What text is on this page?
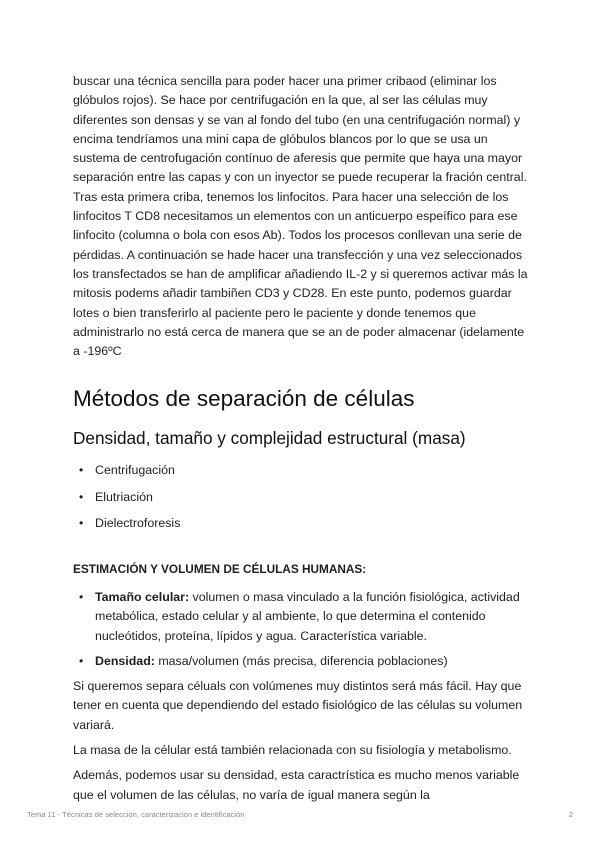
buscar una técnica sencilla para poder hacer una primer cribaod (eliminar los glóbulos rojos). Se hace por centrifugación en la que, al ser las células muy diferentes son densas y se van al fondo del tubo (en una centrifugación normal) y encima tendríamos una mini capa de glóbulos blancos por lo que se usa un sustema de centrofugación contínuo de aferesis que permite que haya una mayor separación entre las capas y con un inyector se puede recuperar la fración central. Tras esta primera criba, tenemos los linfocitos. Para hacer una selección de los linfocitos T CD8 necesitamos un elementos con un anticuerpo espeífico para ese linfocito (columna o bola con esos Ab). Todos los procesos conllevan una serie de pérdidas. A continuación se hade hacer una transfección y una vez seleccionados los transfectados se han de amplificar añadiendo IL-2 y si queremos activar más la mitosis podems añadir tambiñen CD3 y CD28. En este punto, podemos guardar lotes o bien transferirlo al paciente pero le paciente y donde tenemos que administrarlo no está cerca de manera que se an de poder almacenar (idelamente a -196ºC

Métodos de separación de células
Densidad, tamaño y complejidad estructural (masa)
• Centrifugación
• Elutriación
• Dielectroforesis
ESTIMACIÓN Y VOLUMEN DE CÉLULAS HUMANAS:
• Tamaño celular: volumen o masa vinculado a la función fisiológica, actividad metabólica, estado celular y al ambiente, lo que determina el contenido nucleótidos, proteína, lípidos y agua. Característica variable.
• Densidad: masa/volumen (más precisa, diferencia poblaciones)

Si queremos separa céluals con volúmenes muy distintos será más fácil. Hay que tener en cuenta que dependiendo del estado fisiológico de las células su volumen variará.

La masa de la célular está también relacionada con su fisiología y metabolismo.

Además, podemos usar su densidad, esta caractrística es mucho menos variable que el volumen de las células, no varía de igual manera según la

Tema 11 - Técnicas de selección, caracterización e identificación	2
